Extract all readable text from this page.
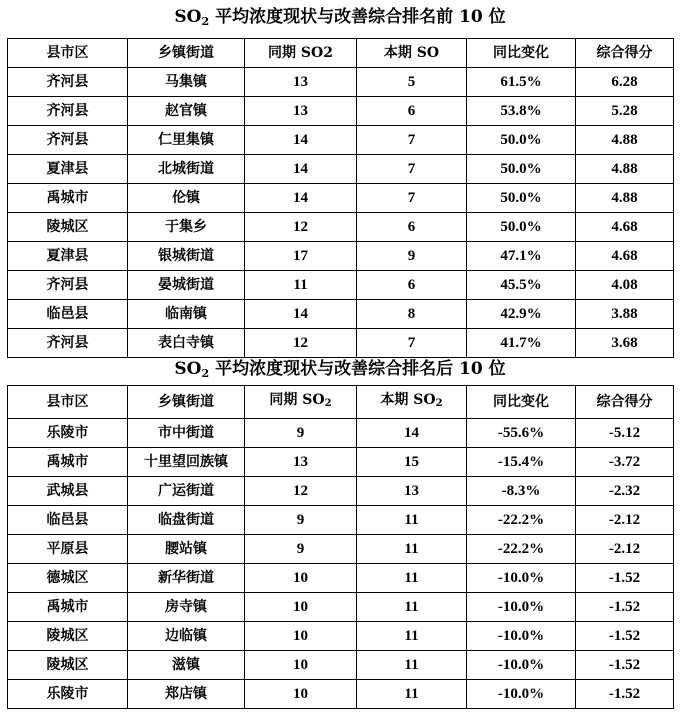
$SO_2$ 平均浓度现状与改善综合排名前 10 位
县市区	乡镇街道	同期 SO2	本期 SO	同比变化	综合得分
齐河县	马集镇	13	5	61.5%	6.28
齐河县	赵官镇	13	6	53.8%	5.28
齐河县	仁里集镇	14	7	50.0%	4.88
夏津县	北城街道	14	7	50.0%	4.88
禹城市	伦镇	14	7	50.0%	4.88
陵城区	于集乡	12	6	50.0%	4.68
夏津县	银城街道	17	9	47.1%	4.68
齐河县	晏城街道	11	6	45.5%	4.08
临邑县	临南镇	14	8	42.9%	3.88
齐河县	表白寺镇	12	7	41.7%	3.68
$SO_2$ 平均浓度现状与改善综合排名后 10 位
县市区	乡镇街道	同期 $SO_2$	本期 $SO_2$	同比变化	综合得分
乐陵市	市中街道	9	14	-55.6%	-5.12
禹城市	十里望回族镇	13	15	-15.4%	-3.72
武城县	广运街道	12	13	-8.3%	-2.32
临邑县	临盘街道	9	11	-22.2%	-2.12
平原县	腰站镇	9	11	-22.2%	-2.12
德城区	新华街道	10	11	-10.0%	-1.52
禹城市	房寺镇	10	11	-10.0%	-1.52
陵城区	边临镇	10	11	-10.0%	-1.52
陵城区	滋镇	10	11	-10.0%	-1.52
乐陵市	郑店镇	10	11	-10.0%	-1.52
